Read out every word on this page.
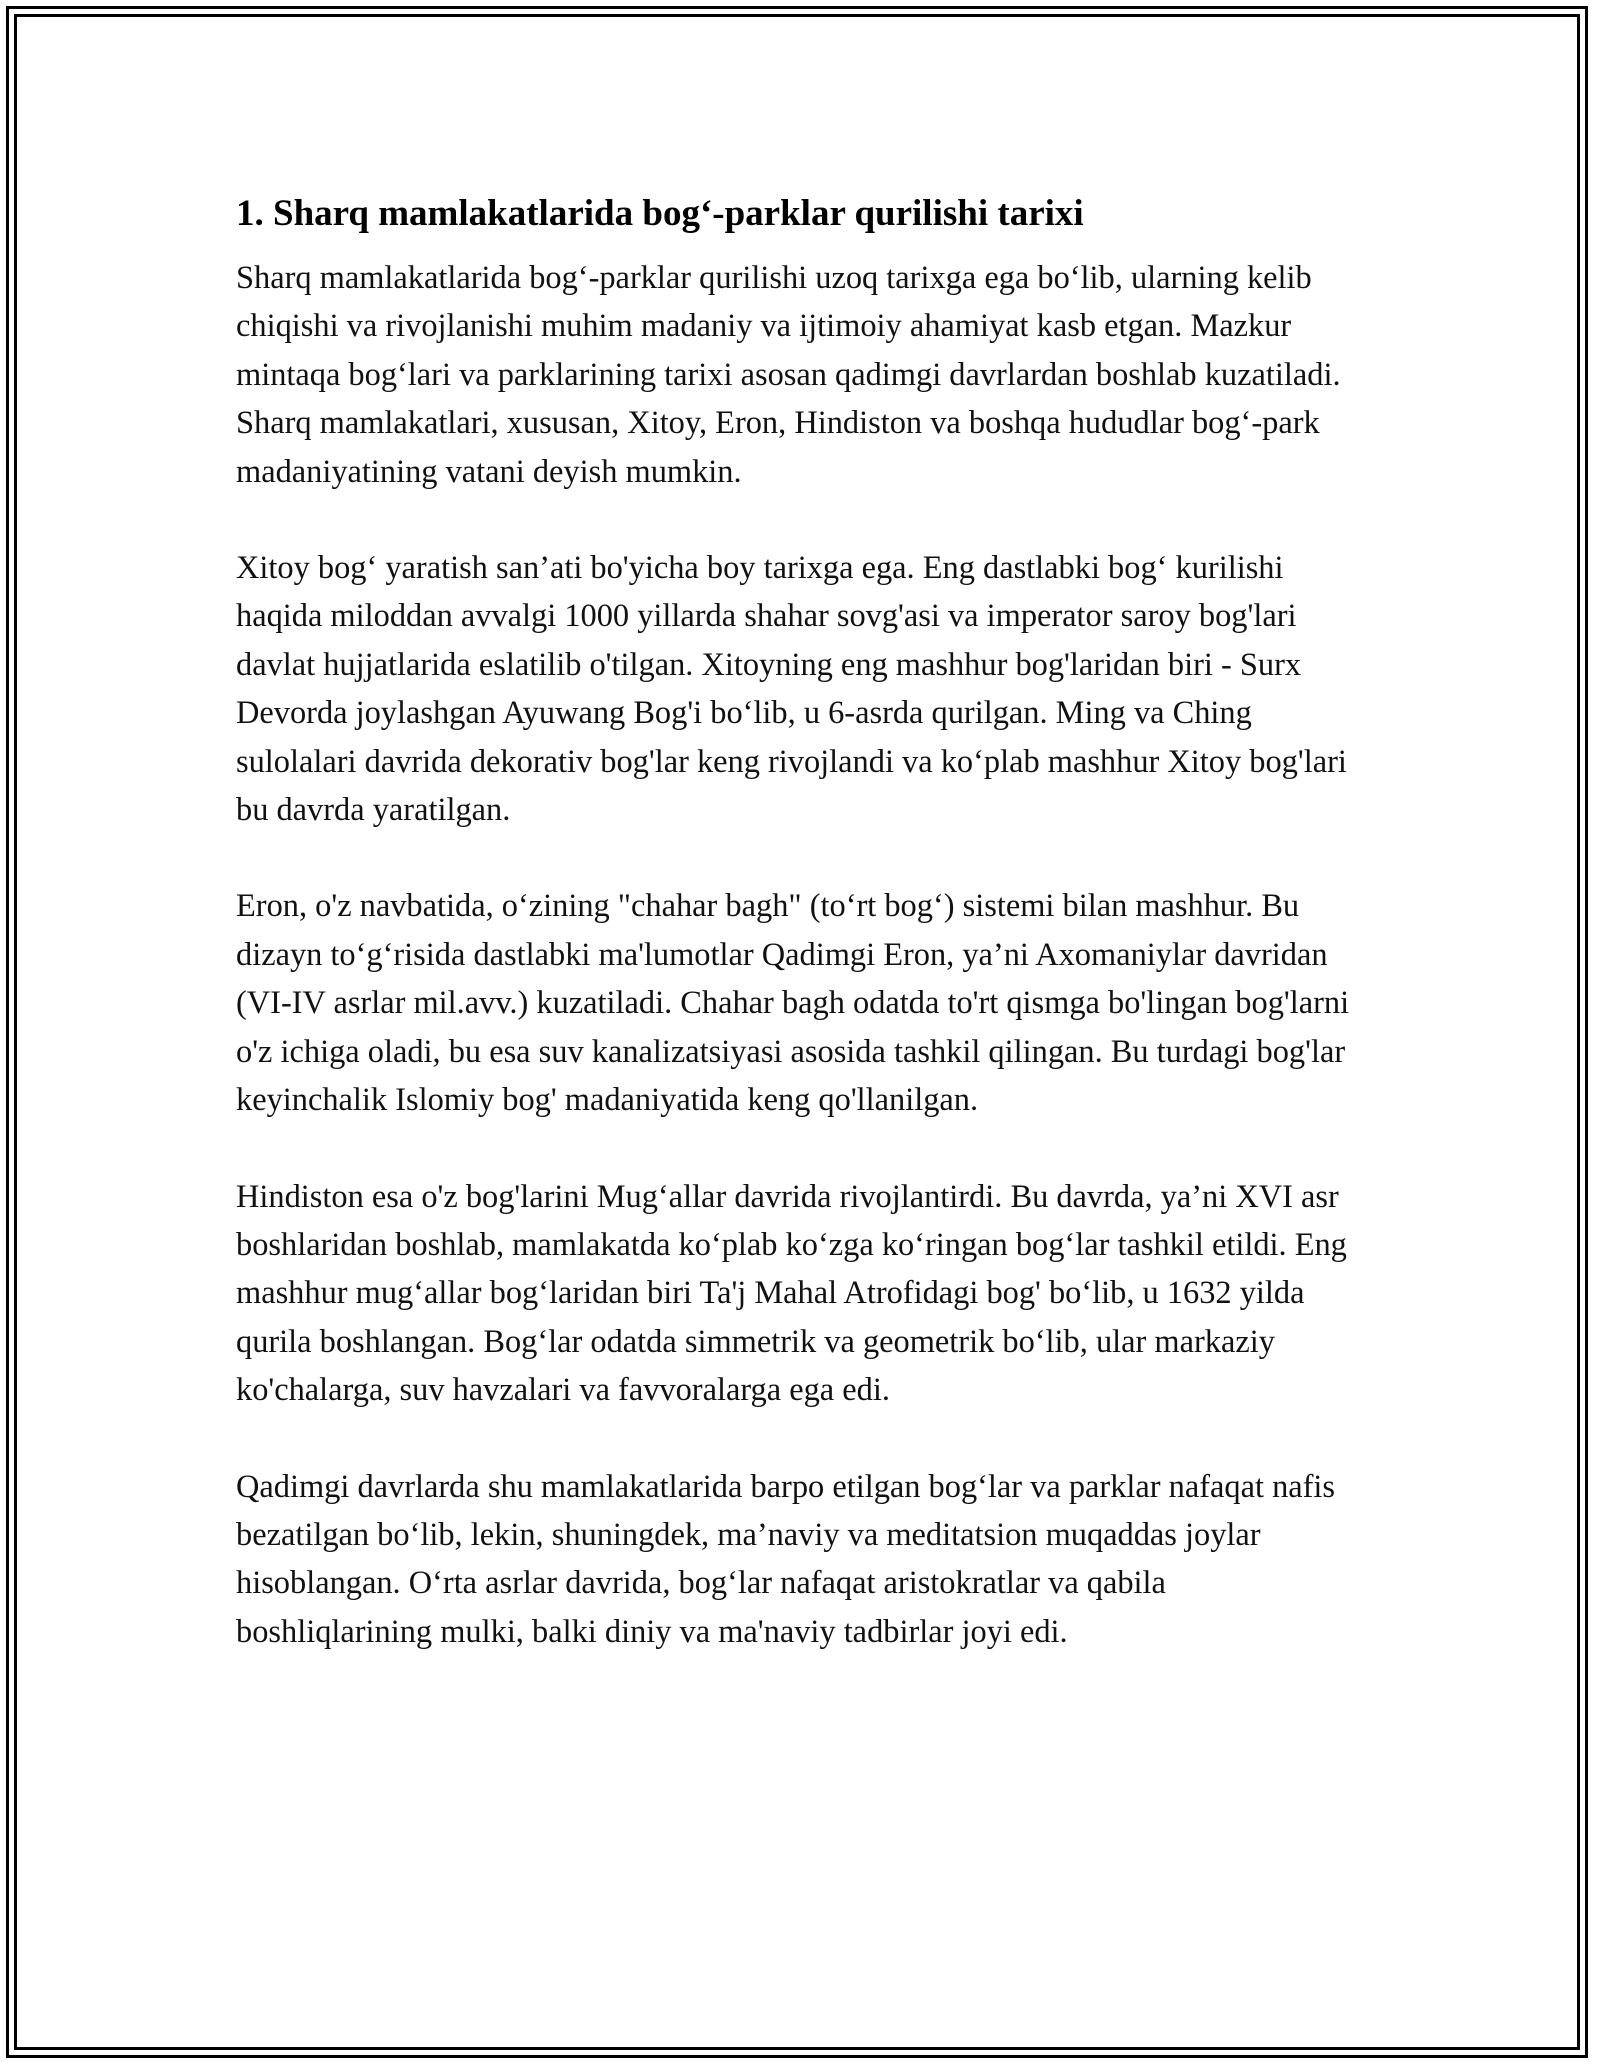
1. Sharq mamlakatlarida bog‘-parklar qurilishi tarixi

Sharq mamlakatlarida bog‘-parklar qurilishi uzoq tarixga ega bo‘lib, ularning kelib chiqishi va rivojlanishi muhim madaniy va ijtimoiy ahamiyat kasb etgan. Mazkur mintaqa bog‘lari va parklarining tarixi asosan qadimgi davrlardan boshlab kuzatiladi. Sharq mamlakatlari, xususan, Xitoy, Eron, Hindiston va boshqa hududlar bog‘-park madaniyatining vatani deyish mumkin.

Xitoy bog‘ yaratish san’ati bo'yicha boy tarixga ega. Eng dastlabki bog‘ kurilishi haqida miloddan avvalgi 1000 yillarda shahar sovg'asi va imperator saroy bog'lari davlat hujjatlarida eslatilib o'tilgan. Xitoyning eng mashhur bog'laridan biri - Surx Devorda joylashgan Ayuwang Bog'i bo‘lib, u 6-asrda qurilgan. Ming va Ching sulolalari davrida dekorativ bog'lar keng rivojlandi va ko‘plab mashhur Xitoy bog'lari bu davrda yaratilgan.

Eron, o'z navbatida, o‘zining "chahar bagh" (to‘rt bog‘) sistemi bilan mashhur. Bu dizayn to‘g‘risida dastlabki ma'lumotlar Qadimgi Eron, ya’ni Axomaniylar davridan (VI-IV asrlar mil.avv.) kuzatiladi. Chahar bagh odatda to'rt qismga bo'lingan bog'larni o'z ichiga oladi, bu esa suv kanalizatsiyasi asosida tashkil qilingan. Bu turdagi bog'lar keyinchalik Islomiy bog' madaniyatida keng qo'llanilgan.

Hindiston esa o'z bog'larini Mug‘allar davrida rivojlantirdi. Bu davrda, ya’ni XVI asr boshlaridan boshlab, mamlakatda ko‘plab ko‘zga ko‘ringan bog‘lar tashkil etildi. Eng mashhur mug‘allar bog‘laridan biri Ta'j Mahal Atrofidagi bog' bo‘lib, u 1632 yilda qurila boshlangan. Bog‘lar odatda simmetrik va geometrik bo‘lib, ular markaziy ko'chalarga, suv havzalari va favvoralarga ega edi.

Qadimgi davrlarda shu mamlakatlarida barpo etilgan bog‘lar va parklar nafaqat nafis bezatilgan bo‘lib, lekin, shuningdek, ma’naviy va meditatsion muqaddas joylar hisoblangan. O‘rta asrlar davrida, bog‘lar nafaqat aristokratlar va qabila boshliqlarining mulki, balki diniy va ma'naviy tadbirlar joyi edi.
